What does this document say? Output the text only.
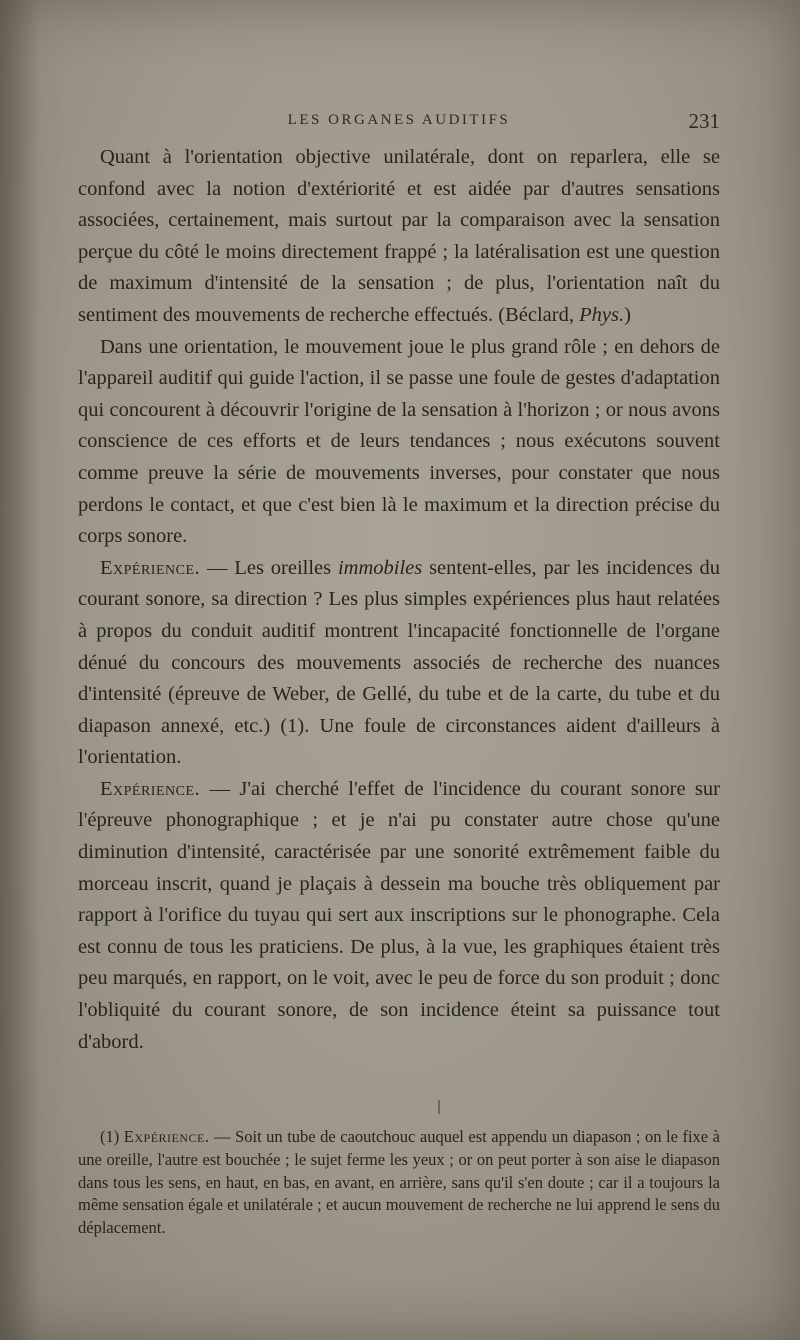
LES ORGANES AUDITIFS	231

Quant à l'orientation objective unilatérale, dont on reparlera, elle se confond avec la notion d'extériorité et est aidée par d'autres sensations associées, certainement, mais surtout par la comparaison avec la sensation perçue du côté le moins directement frappé ; la latéralisation est une question de maximum d'intensité de la sensation ; de plus, l'orientation naît du sentiment des mouvements de recherche effectués. (Béclard, Phys.)

Dans une orientation, le mouvement joue le plus grand rôle ; en dehors de l'appareil auditif qui guide l'action, il se passe une foule de gestes d'adaptation qui concourent à découvrir l'origine de la sensation à l'horizon ; or nous avons conscience de ces efforts et de leurs tendances ; nous exécutons souvent comme preuve la série de mouvements inverses, pour constater que nous perdons le contact, et que c'est bien là le maximum et la direction précise du corps sonore.

Expérience. — Les oreilles immobiles sentent-elles, par les incidences du courant sonore, sa direction ? Les plus simples expériences plus haut relatées à propos du conduit auditif montrent l'incapacité fonctionnelle de l'organe dénué du concours des mouvements associés de recherche des nuances d'intensité (épreuve de Weber, de Gellé, du tube et de la carte, du tube et du diapason annexé, etc.) (1). Une foule de circonstances aident d'ailleurs à l'orientation.

Expérience. — J'ai cherché l'effet de l'incidence du courant sonore sur l'épreuve phonographique ; et je n'ai pu constater autre chose qu'une diminution d'intensité, caractérisée par une sonorité extrêmement faible du morceau inscrit, quand je plaçais à dessein ma bouche très obliquement par rapport à l'orifice du tuyau qui sert aux inscriptions sur le phonographe. Cela est connu de tous les praticiens. De plus, à la vue, les graphiques étaient très peu marqués, en rapport, on le voit, avec le peu de force du son produit ; donc l'obliquité du courant sonore, de son incidence éteint sa puissance tout d'abord.

(1) Expérience. — Soit un tube de caoutchouc auquel est appendu un diapason ; on le fixe à une oreille, l'autre est bouchée ; le sujet ferme les yeux ; or on peut porter à son aise le diapason dans tous les sens, en haut, en bas, en avant, en arrière, sans qu'il s'en doute ; car il a toujours la même sensation égale et unilatérale ; et aucun mouvement de recherche ne lui apprend le sens du déplacement.
